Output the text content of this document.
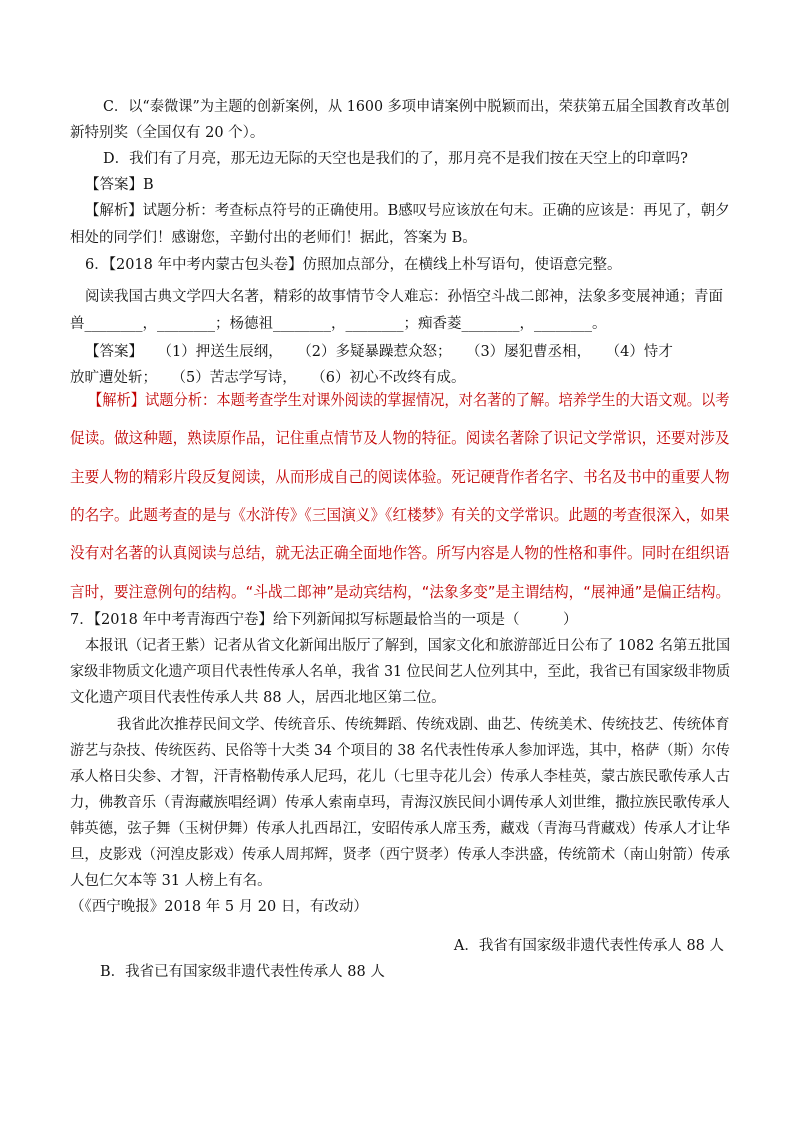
C．以“泰微课”为主题的创新案例，从 1600 多项申请案例中脱颖而出，荣获第五届全国教育改革创
新特别奖（全国仅有 20 个）。
D．我们有了月亮，那无边无际的天空也是我们的了，那月亮不是我们按在天空上的印章吗?
【答案】B
【解析】试题分析：考查标点符号的正确使用。B感叹号应该放在句末。正确的应该是：再见了，朝夕
相处的同学们！感谢您，辛勤付出的老师们！据此，答案为 B。
6．【2018 年中考内蒙古包头卷】仿照加点部分，在横线上朴写语句，使语意完整。
阅读我国古典文学四大名著，精彩的故事情节令人难忘：孙悟空斗战二郎神，法象多变展神通；青面
兽________，________；杨德祖________，________；痴香菱________，________。
【答案】　　（1）押送生辰纲，　　（2）多疑暴躁惹众怒；　　（3）屡犯曹丞相，　　（4）恃才
放旷遭处斩；　　（5）苦志学写诗，　　（6）初心不改终有成。
【解析】试题分析：本题考查学生对课外阅读的掌握情况，对名著的了解。培养学生的大语文观。以考
促读。做这种题，熟读原作品，记住重点情节及人物的特征。阅读名著除了识记文学常识，还要对涉及
主要人物的精彩片段反复阅读，从而形成自己的阅读体验。死记硬背作者名字、书名及书中的重要人物
的名字。此题考查的是与《水浒传》《三国演义》《红楼梦》有关的文学常识。此题的考查很深入，如果
没有对名著的认真阅读与总结，就无法正确全面地作答。所写内容是人物的性格和事件。同时在组织语
言时，要注意例句的结构。“斗战二郎神”是动宾结构，“法象多变”是主谓结构，“展神通”是偏正结构。
7．【2018 年中考青海西宁卷】给下列新闻拟写标题最恰当的一项是（　　　）
本报讯（记者王紫）记者从省文化新闻出版厅了解到，国家文化和旅游部近日公布了 1082 名第五批国
家级非物质文化遗产项目代表性传承人名单，我省 31 位民间艺人位列其中，至此，我省已有国家级非物质
文化遗产项目代表性传承人共 88 人，居西北地区第二位。
我省此次推荐民间文学、传统音乐、传统舞蹈、传统戏剧、曲艺、传统美术、传统技艺、传统体育
游艺与杂技、传统医药、民俗等十大类 34 个项目的 38 名代表性传承人参加评选，其中，格萨（斯）尔传
承人格日尖参、才智，汗青格勒传承人尼玛，花儿（七里寺花儿会）传承人李桂英，蒙古族民歌传承人古
力，佛教音乐（青海藏族唱经调）传承人索南卓玛，青海汉族民间小调传承人刘世维，撒拉族民歌传承人
韩英德，弦子舞（玉树伊舞）传承人扎西昂江，安昭传承人席玉秀，藏戏（青海马背藏戏）传承人才让华
旦，皮影戏（河湟皮影戏）传承人周邦辉，贤孝（西宁贤孝）传承人李洪盛，传统箭术（南山射箭）传承
人包仁欠本等 31 人榜上有名。
（《西宁晚报》2018 年 5 月 20 日，有改动）
A．我省有国家级非遗代表性传承人 88 人
B．我省已有国家级非遗代表性传承人 88 人
